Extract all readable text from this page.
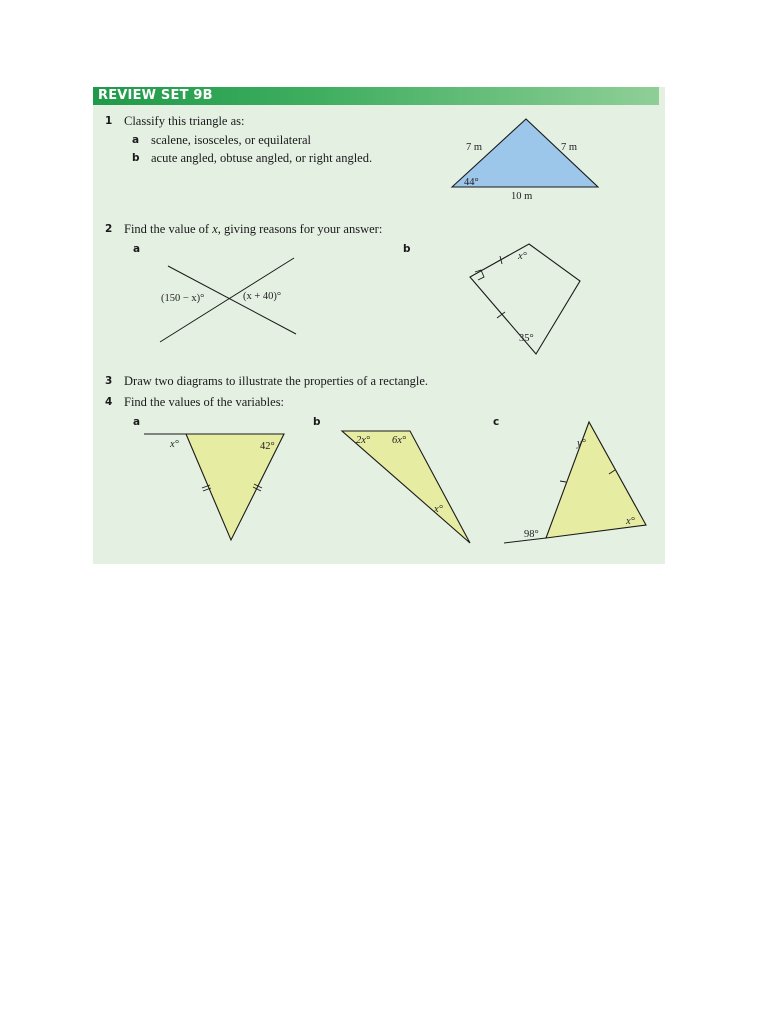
REVIEW SET 9B
1 Classify this triangle as:
a scalene, isosceles, or equilateral
b acute angled, obtuse angled, or right angled.
2 Find the value of x, giving reasons for your answer:
a	b
3 Draw two diagrams to illustrate the properties of a rectangle.
4 Find the values of the variables:
a	b	c
7 m	7 m
10 m
44°
(150 − x)°	(x + 40)°
x°
35°
x°	42°
2x° 6x°
x°
y°
x°
98°
